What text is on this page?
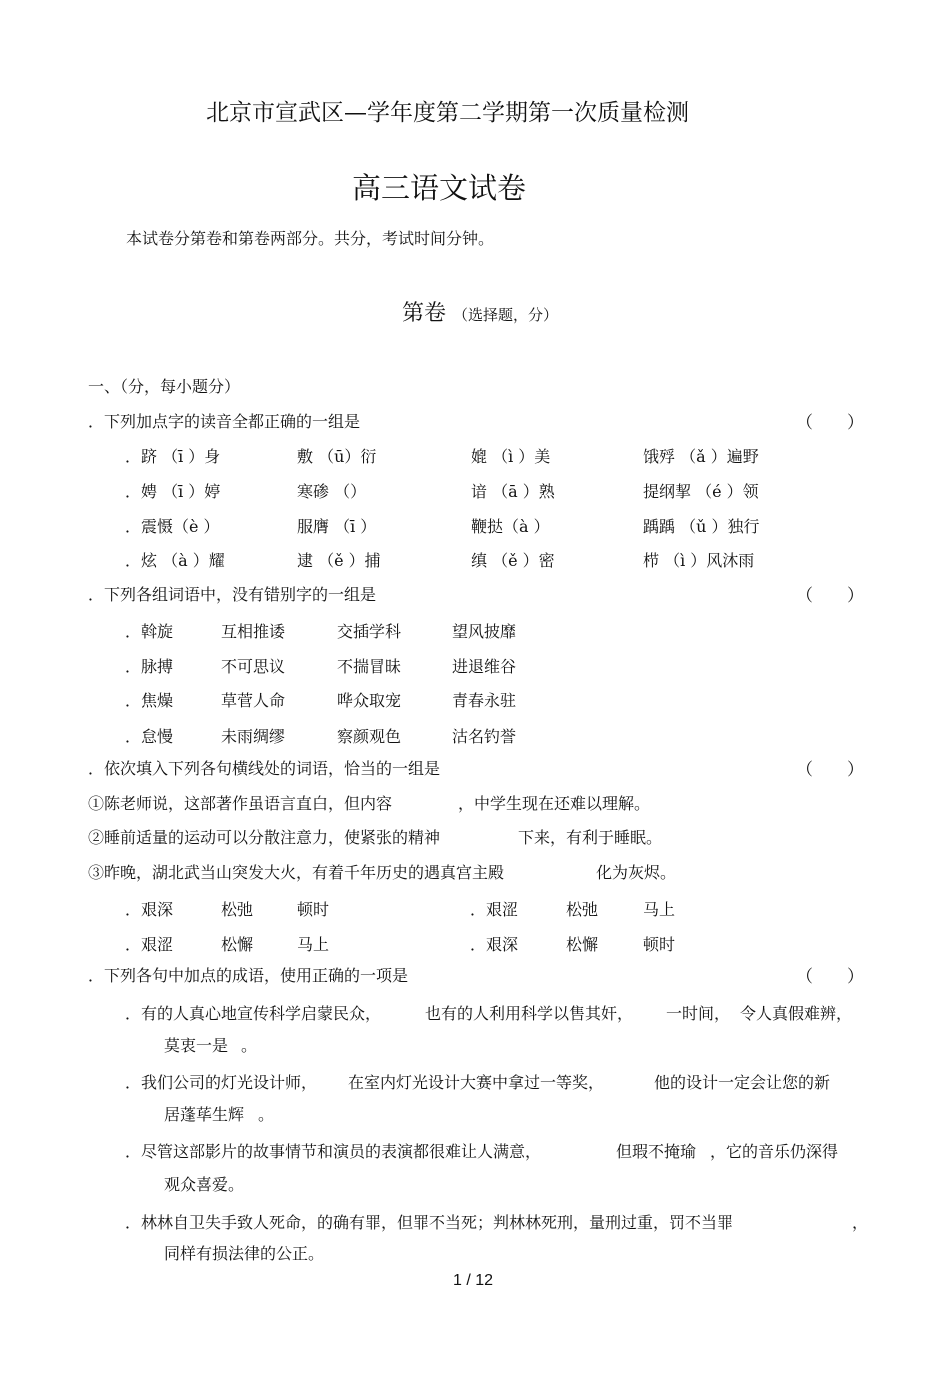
北京市宣武区—学年度第二学期第一次质量检测
高三语文试卷
本试卷分第卷和第卷两部分。共分，考试时间分钟。
第卷 （选择题，分）
一、（分，每小题分）
．下列加点字的读音全都正确的一组是	（　　）
．跻 （ī ）身	敷 （ū）衍	媲 （ì ）美	饿殍 （ǎ ）遍野
．娉 （ī ）婷	寒碜 （）	谙 （ā ）熟	提纲挈 （é ）领
．震慑（è ）	服膺 （ī ）	鞭挞（à ）	踽踽 （ǔ ）独行
．炫 （à ）耀	逮 （ě ）捕	缜 （ě ）密	栉 （ì ）风沐雨
．下列各组词语中，没有错别字的一组是	（　　）
．斡旋	互相推诿	交插学科	望风披靡
．脉搏	不可思议	不揣冒昧	进退维谷
．焦燥	草菅人命	哗众取宠	青春永驻
．怠慢	未雨绸缪	察颜观色	沽名钓誉
．依次填入下列各句横线处的词语，恰当的一组是	（　　）
①陈老师说，这部著作虽语言直白，但内容	，中学生现在还难以理解。
②睡前适量的运动可以分散注意力，使紧张的精神	下来，有利于睡眠。
③昨晚，湖北武当山突发大火，有着千年历史的遇真宫主殿	化为灰烬。
．艰深	松弛	顿时	．艰涩	松弛	马上
．艰涩	松懈	马上	．艰深	松懈	顿时
．下列各句中加点的成语，使用正确的一项是	（　　）
．有的人真心地宣传科学启蒙民众，	也有的人利用科学以售其奸， 一时间， 令人真假难辨，
莫衷一是 。
．我们公司的灯光设计师， 在室内灯光设计大赛中拿过一等奖，	他的设计一定会让您的新
居蓬荜生辉 。
．尽管这部影片的故事情节和演员的表演都很难让人满意，	但瑕不掩瑜 ，它的音乐仍深得
观众喜爱。
．林林自卫失手致人死命，的确有罪，但罪不当死；判林林死刑，量刑过重，罚不当罪	，
同样有损法律的公正。
1 / 12
